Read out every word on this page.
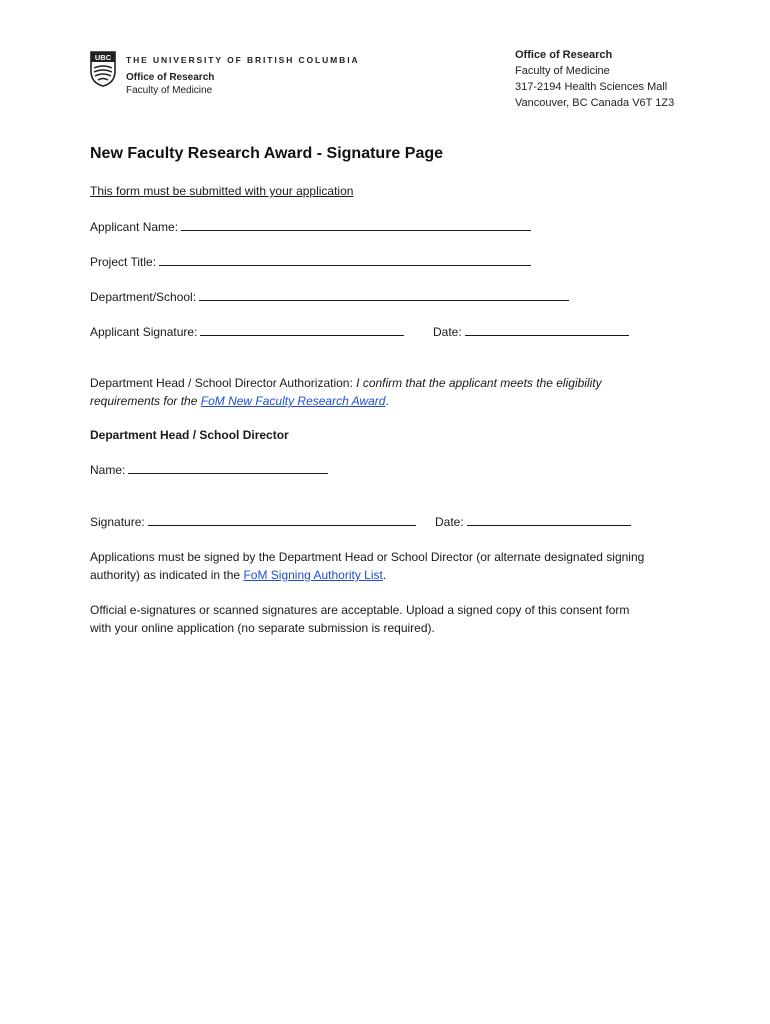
UBC THE UNIVERSITY OF BRITISH COLUMBIA
Office of Research
Faculty of Medicine
Office of Research
Faculty of Medicine
317-2194 Health Sciences Mall
Vancouver, BC Canada V6T 1Z3
New Faculty Research Award - Signature Page
This form must be submitted with your application
Applicant Name:
Project Title:
Department/School:
Applicant Signature:	Date:
Department Head / School Director Authorization: I confirm that the applicant meets the eligibility
requirements for the FoM New Faculty Research Award.
Department Head / School Director
Name:
Signature:	Date:
Applications must be signed by the Department Head or School Director (or alternate designated signing
authority) as indicated in the FoM Signing Authority List.
Official e-signatures or scanned signatures are acceptable. Upload a signed copy of this consent form
with your online application (no separate submission is required).
